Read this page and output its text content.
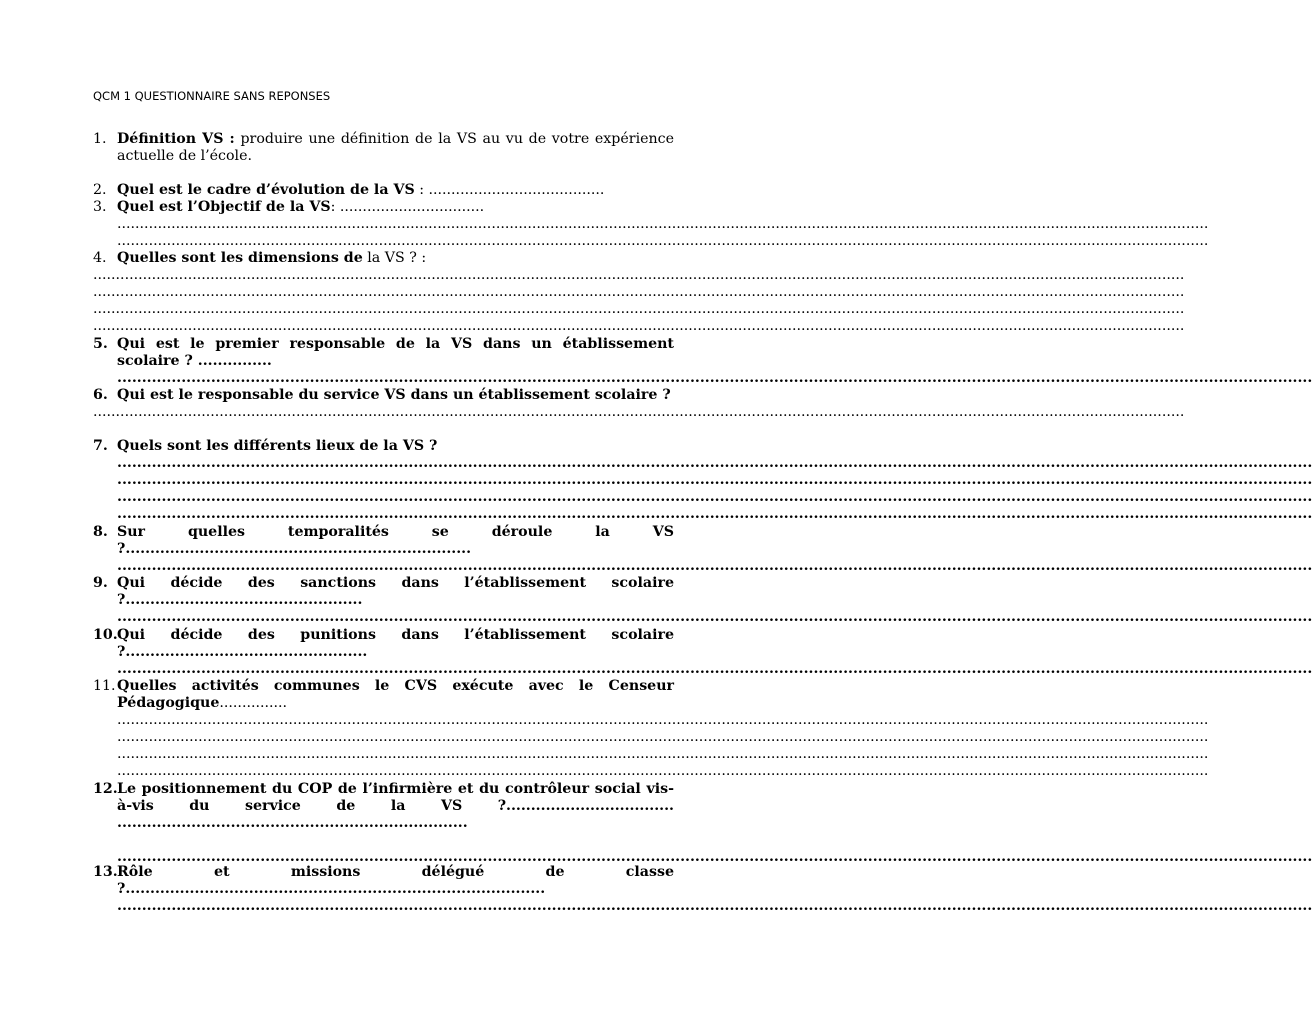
QCM 1 QUESTIONNAIRE SANS REPONSES

1. Définition VS : produire une définition de la VS au vu de votre expérience actuelle de l’école.
2. Quel est le cadre d’évolution de la VS : .......................................
3. Quel est l’Objectif de la VS: ................................
..................................................................................................................................................................................................................................................
..................................................................................................................................................................................................................................................
4. Quelles sont les dimensions de la VS ? :
..................................................................................................................................................................................................................................................
..................................................................................................................................................................................................................................................
..................................................................................................................................................................................................................................................
..................................................................................................................................................................................................................................................
5. Qui est le premier responsable de la VS dans un établissement scolaire ? ...............
..................................................................................................................................................................................................................................................
6. Qui est le responsable du service VS dans un établissement scolaire ?
..................................................................................................................................................................................................................................................
7. Quels sont les différents lieux de la VS ?
..................................................................................................................................................................................................................................................
..................................................................................................................................................................................................................................................
..................................................................................................................................................................................................................................................
..................................................................................................................................................................................................................................................
8. Sur quelles temporalités se déroule la VS ?......................................................................
..................................................................................................................................................................................................................................................
9. Qui décide des sanctions dans l’établissement scolaire ?................................................
..................................................................................................................................................................................................................................................
10. Qui décide des punitions dans l’établissement scolaire ?.................................................
..................................................................................................................................................................................................................................................
11. Quelles activités communes le CVS exécute avec le Censeur Pédagogique...............
..................................................................................................................................................................................................................................................
..................................................................................................................................................................................................................................................
..................................................................................................................................................................................................................................................
..................................................................................................................................................................................................................................................
12. Le positionnement du COP de l’infirmière et du contrôleur social vis-à-vis du service de la VS ?.................................. .......................................................................
..................................................................................................................................................................................................................................................
13. Rôle et missions délégué de classe ?.....................................................................................
..................................................................................................................................................................................................................................................
